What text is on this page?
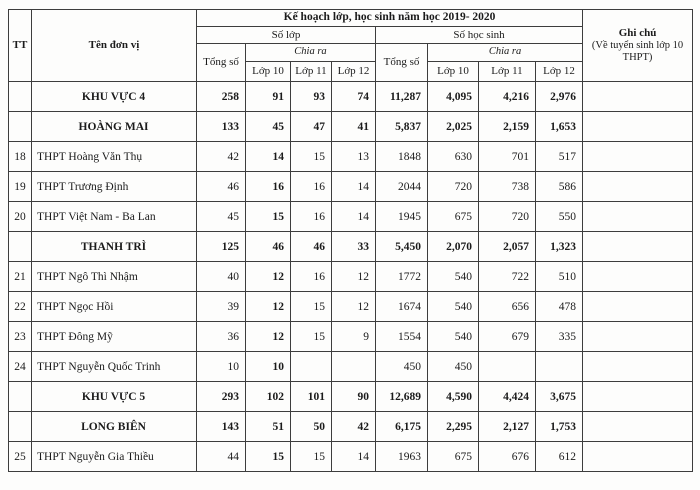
TT	Tên đơn vị	Kế hoạch lớp, học sinh năm học 2019- 2020								Ghi chú
(Về tuyển sinh lớp 10 THPT)

		Số lớp				Số học sinh				
		Tổng số	Chia ra			Tổng số	Chia ra			
			Lớp 10	Lớp 11	Lớp 12		Lớp 10	Lớp 11	Lớp 12	
	KHU VỰC 4	258	91	93	74	11,287	4,095	4,216	2,976	
	HOÀNG MAI	133	45	47	41	5,837	2,025	2,159	1,653	
18	THPT Hoàng Văn Thụ	42	14	15	13	1848	630	701	517	
19	THPT Trương Định	46	16	16	14	2044	720	738	586	
20	THPT Việt Nam - Ba Lan	45	15	16	14	1945	675	720	550	
	THANH TRÌ	125	46	46	33	5,450	2,070	2,057	1,323	
21	THPT Ngô Thì Nhậm	40	12	16	12	1772	540	722	510	
22	THPT Ngọc Hồi	39	12	15	12	1674	540	656	478	
23	THPT Đông Mỹ	36	12	15	9	1554	540	679	335	
24	THPT Nguyễn Quốc Trinh	10	10			450	450			
	KHU VỰC 5	293	102	101	90	12,689	4,590	4,424	3,675	
	LONG BIÊN	143	51	50	42	6,175	2,295	2,127	1,753	
25	THPT Nguyễn Gia Thiều	44	15	15	14	1963	675	676	612	
